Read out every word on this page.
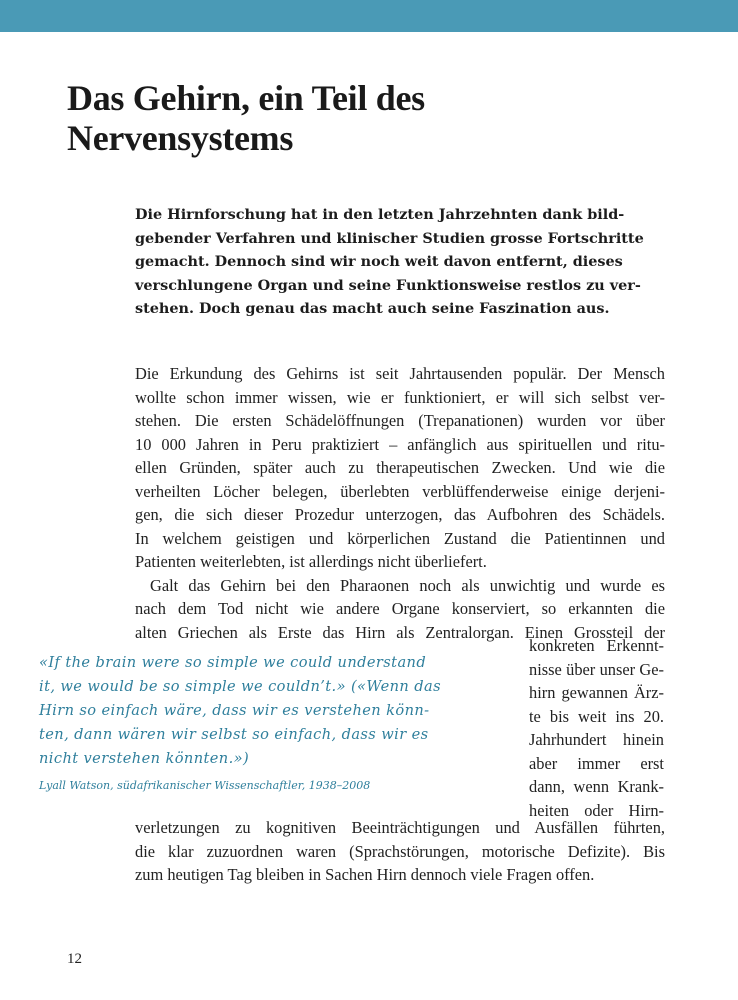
Das Gehirn, ein Teil des
Nervensystems
Die Hirnforschung hat in den letzten Jahrzehnten dank bild-
gebender Verfahren und klinischer Studien grosse Fortschritte
gemacht. Dennoch sind wir noch weit davon entfernt, dieses
verschlungene Organ und seine Funktionsweise restlos zu ver-
stehen. Doch genau das macht auch seine Faszination aus.
Die Erkundung des Gehirns ist seit Jahrtausenden populär. Der Mensch
wollte schon immer wissen, wie er funktioniert, er will sich selbst ver-
stehen. Die ersten Schädelöffnungen (Trepanationen) wurden vor über
10 000 Jahren in Peru praktiziert – anfänglich aus spirituellen und ritu-
ellen Gründen, später auch zu therapeutischen Zwecken. Und wie die
verheilten Löcher belegen, überlebten verblüffenderweise einige derjeni-
gen, die sich dieser Prozedur unterzogen, das Aufbohren des Schädels.
In welchem geistigen und körperlichen Zustand die Patientinnen und
Patienten weiterlebten, ist allerdings nicht überliefert.
Galt das Gehirn bei den Pharaonen noch als unwichtig und wurde es
nach dem Tod nicht wie andere Organe konserviert, so erkannten die
alten Griechen als Erste das Hirn als Zentralorgan. Einen Grossteil der
konkreten Erkennt-
nisse über unser Ge-
hirn gewannen Ärz-
te bis weit ins 20.
Jahrhundert hinein
aber immer erst
dann, wenn Krank-
heiten oder Hirn-
verletzungen zu kognitiven Beeinträchtigungen und Ausfällen führten,
die klar zuzuordnen waren (Sprachstörungen, motorische Defizite). Bis
zum heutigen Tag bleiben in Sachen Hirn dennoch viele Fragen offen.
«If the brain were so simple we could understand
it, we would be so simple we couldn’t.» («Wenn das
Hirn so einfach wäre, dass wir es verstehen könn-
ten, dann wären wir selbst so einfach, dass wir es
nicht verstehen könnten.»)
Lyall Watson, südafrikanischer Wissenschaftler, 1938–2008
12
